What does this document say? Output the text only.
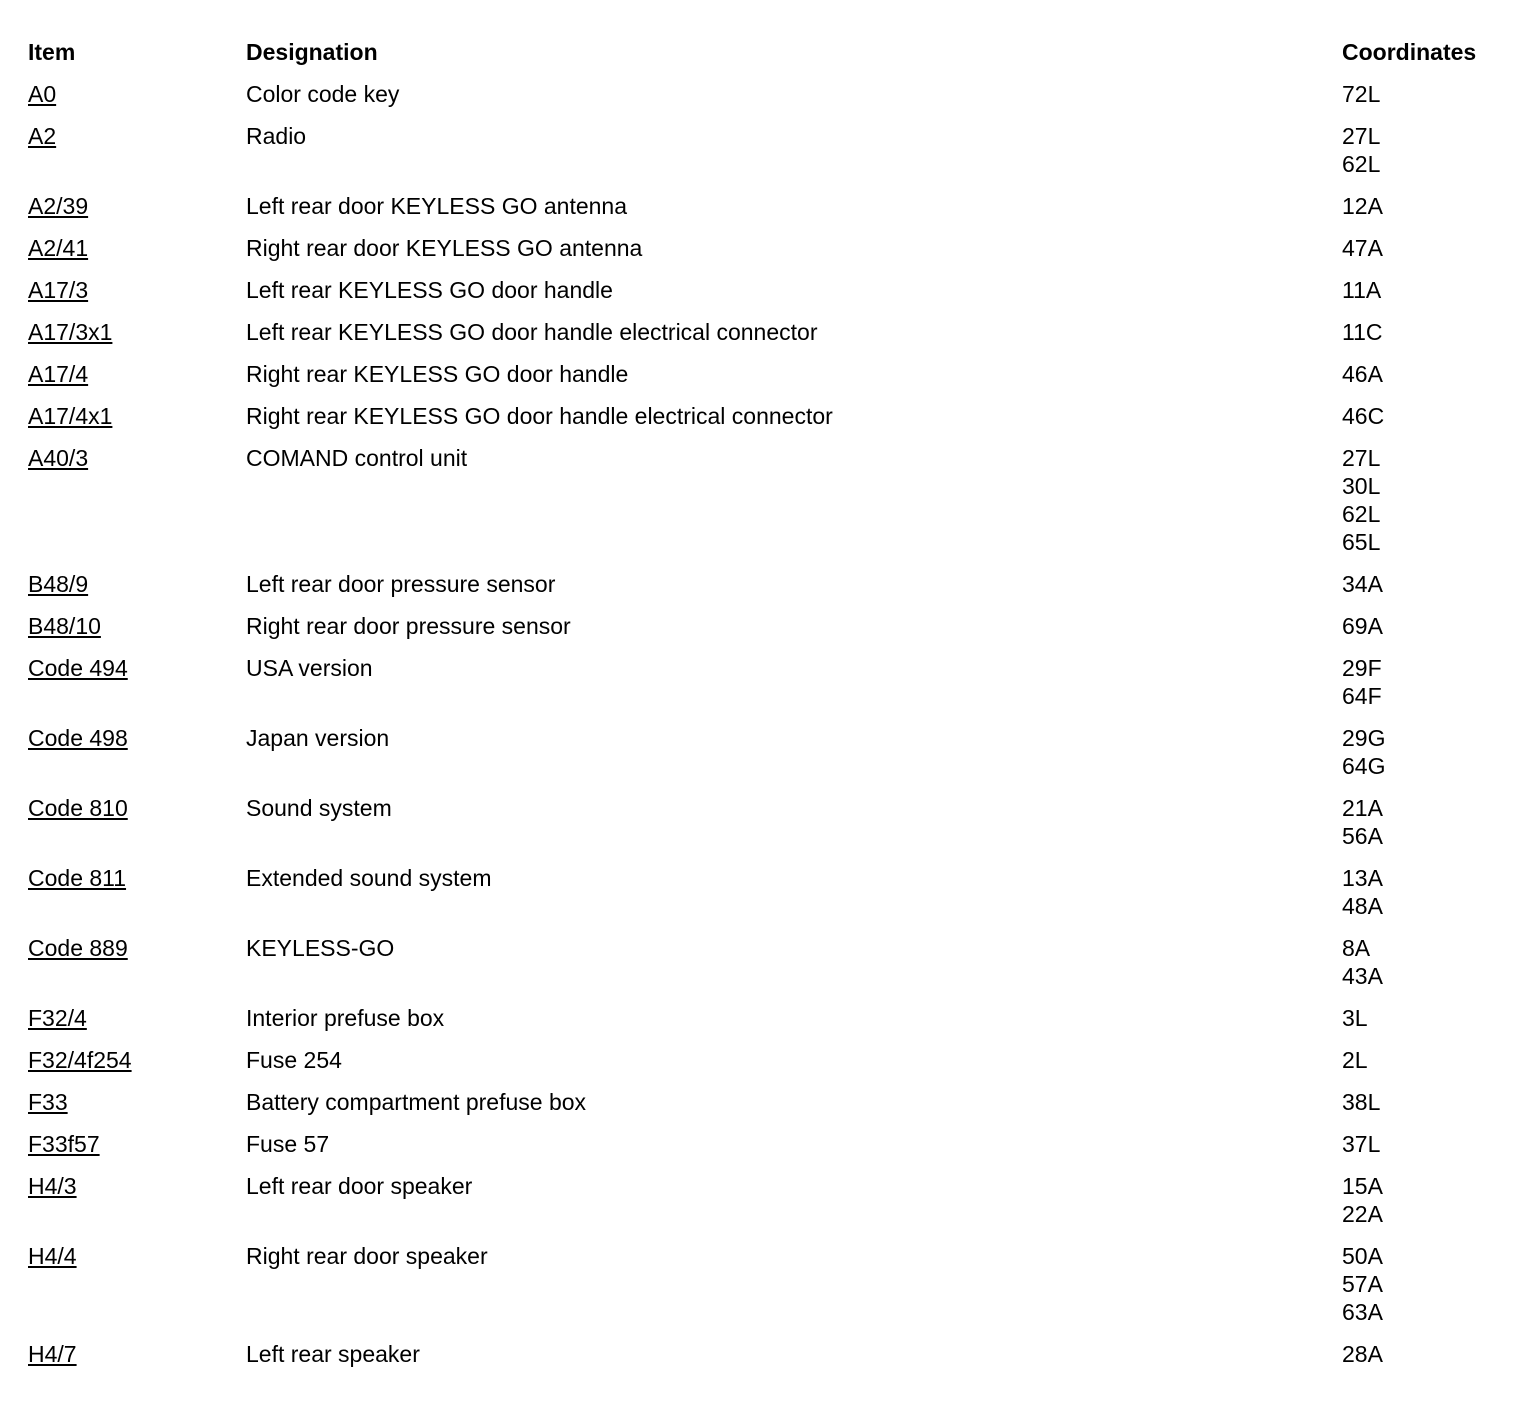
Item	Designation	Coordinates
A0	Color code key	72L

A2	Radio	27L
62L

A2/39	Left rear door KEYLESS GO antenna	12A

A2/41	Right rear door KEYLESS GO antenna	47A

A17/3	Left rear KEYLESS GO door handle	11A

A17/3x1	Left rear KEYLESS GO door handle electrical connector	11C

A17/4	Right rear KEYLESS GO door handle	46A

A17/4x1	Right rear KEYLESS GO door handle electrical connector	46C

A40/3	COMAND control unit	27L
30L
62L
65L

B48/9	Left rear door pressure sensor	34A

B48/10	Right rear door pressure sensor	69A

Code 494	USA version	29F
64F

Code 498	Japan version	29G
64G

Code 810	Sound system	21A
56A

Code 811	Extended sound system	13A
48A

Code 889	KEYLESS-GO	8A
43A

F32/4	Interior prefuse box	3L

F32/4f254	Fuse 254	2L

F33	Battery compartment prefuse box	38L

F33f57	Fuse 57	37L

H4/3	Left rear door speaker	15A
22A

H4/4	Right rear door speaker	50A
57A
63A

H4/7	Left rear speaker	28A
